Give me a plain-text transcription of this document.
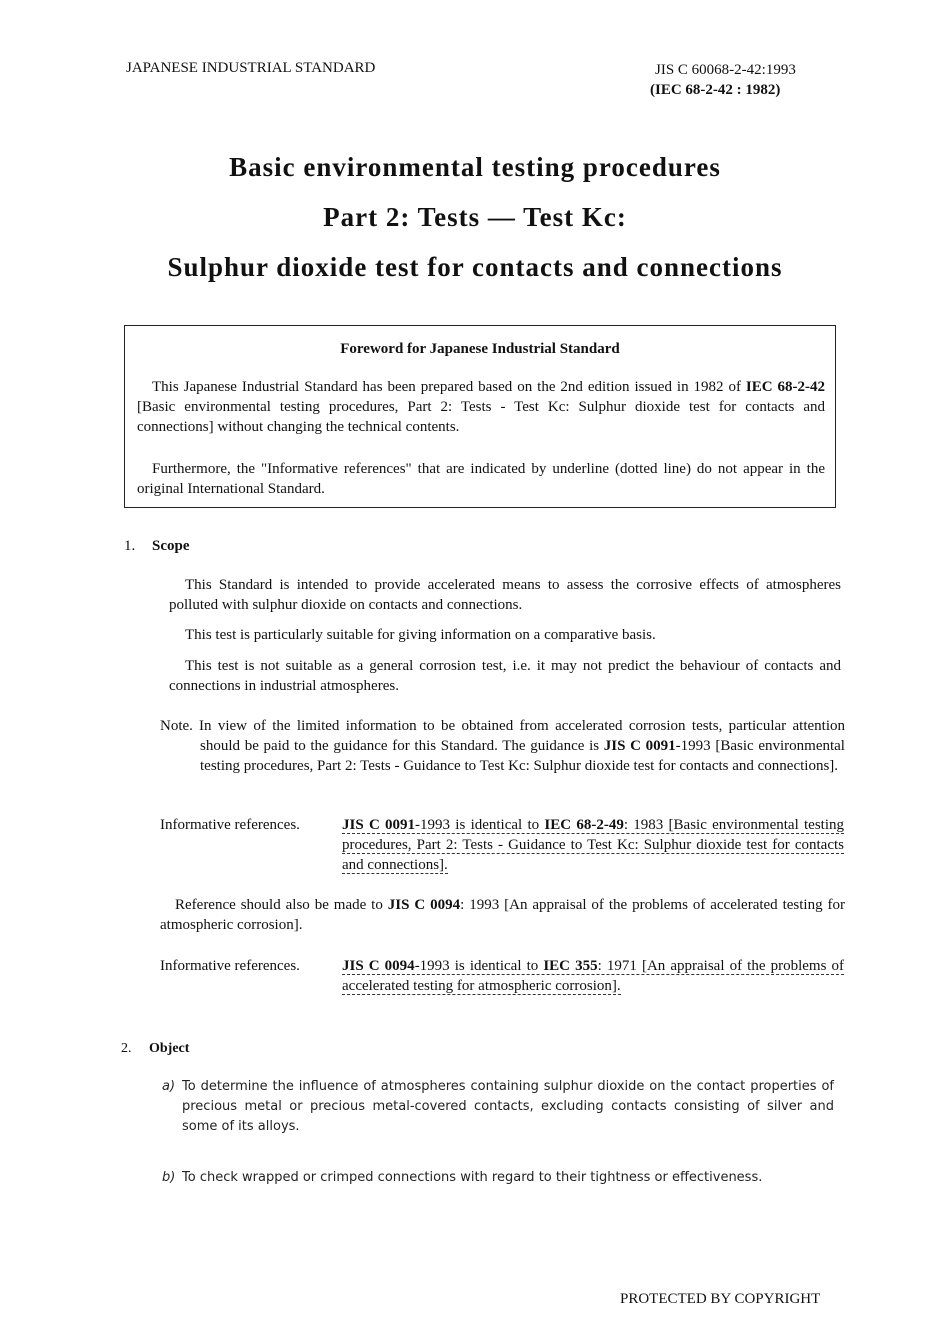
JAPANESE INDUSTRIAL STANDARD	JIS C 60068-2-42:1993
(IEC 68-2-42 : 1982)
Basic environmental testing procedures
Part 2: Tests — Test Kc:
Sulphur dioxide test for contacts and connections
Foreword for Japanese Industrial Standard
This Japanese Industrial Standard has been prepared based on the 2nd edition issued in 1982 of IEC 68-2-42 [Basic environmental testing procedures, Part 2: Tests - Test Kc: Sulphur dioxide test for contacts and connections] without changing the technical contents.
Furthermore, the "Informative references" that are indicated by underline (dotted line) do not appear in the original International Standard.
1. Scope
This Standard is intended to provide accelerated means to assess the corrosive effects of atmospheres polluted with sulphur dioxide on contacts and connections.
This test is particularly suitable for giving information on a comparative basis.
This test is not suitable as a general corrosion test, i.e. it may not predict the behaviour of contacts and connections in industrial atmospheres.
Note. In view of the limited information to be obtained from accelerated corrosion tests, particular attention should be paid to the guidance for this Standard. The guidance is JIS C 0091-1993 [Basic environmental testing procedures, Part 2: Tests - Guidance to Test Kc: Sulphur dioxide test for contacts and connections].
Informative references.	JIS C 0091-1993 is identical to IEC 68-2-49: 1983 [Basic environmental testing procedures, Part 2: Tests - Guidance to Test Kc: Sulphur dioxide test for contacts and connections].
Reference should also be made to JIS C 0094: 1993 [An appraisal of the problems of accelerated testing for atmospheric corrosion].
Informative references.	JIS C 0094-1993 is identical to IEC 355: 1971 [An appraisal of the problems of accelerated testing for atmospheric corrosion].
2. Object
a) To determine the influence of atmospheres containing sulphur dioxide on the contact properties of precious metal or precious metal-covered contacts, excluding contacts consisting of silver and some of its alloys.
b) To check wrapped or crimped connections with regard to their tightness or effectiveness.
PROTECTED BY COPYRIGHT
